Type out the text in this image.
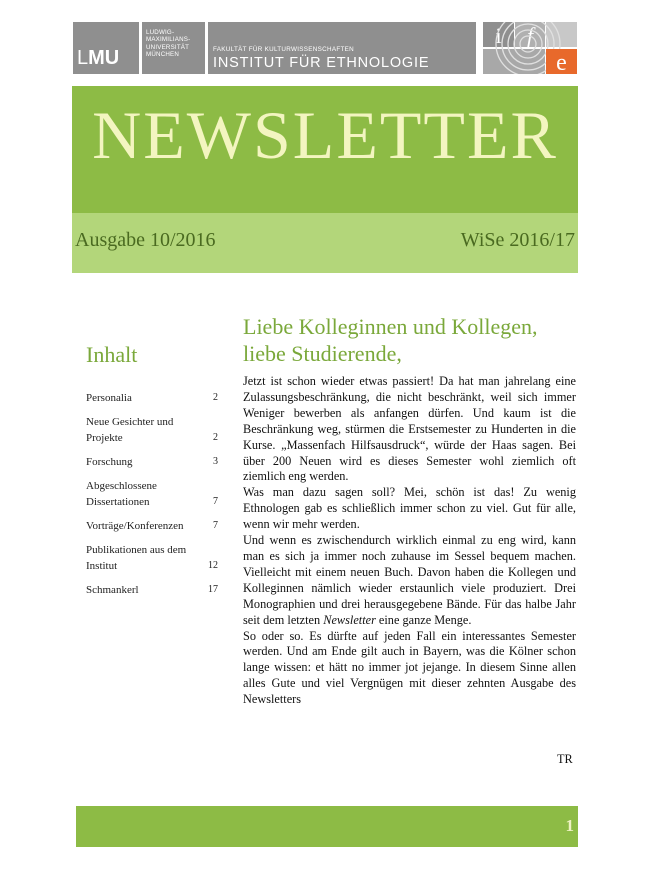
LMU
LUDWIG-
MAXIMILIANS-
UNIVERSITÄT
MÜNCHEN
FAKULTÄT FÜR KULTURWISSENSCHAFTEN
INSTITUT FÜR ETHNOLOGIE
i f
e
NEWSLETTER
Ausgabe 10/2016	WiSe 2016/17
Inhalt
Personalia	2
Neue Gesichter und Projekte	2
Forschung	3
Abgeschlossene Dissertationen	7
Vorträge/Konferenzen	7
Publikationen aus dem Institut	12
Schmankerl	17
Liebe Kolleginnen und Kollegen,
liebe Studierende,

Jetzt ist schon wieder etwas passiert! Da hat man jahrelang eine Zulassungsbeschränkung, die nicht beschränkt, weil sich immer Weniger bewerben als anfangen dürfen. Und kaum ist die Beschränkung weg, stürmen die Erstsemester zu Hunderten in die Kurse. „Massenfach Hilfsausdruck“, würde der Haas sagen. Bei über 200 Neuen wird es dieses Semester wohl ziemlich oft ziemlich eng werden.

Was man dazu sagen soll? Mei, schön ist das! Zu wenig Ethnologen gab es schließlich immer schon zu viel. Gut für alle, wenn wir mehr werden.

Und wenn es zwischendurch wirklich einmal zu eng wird, kann man es sich ja immer noch zuhause im Sessel bequem machen. Vielleicht mit einem neuen Buch. Davon haben die Kollegen und Kolleginnen nämlich wieder erstaunlich viele produziert. Drei Monographien und drei herausgegebene Bände. Für das halbe Jahr seit dem letzten Newsletter eine ganze Menge.

So oder so. Es dürfte auf jeden Fall ein interessantes Semester werden. Und am Ende gilt auch in Bayern, was die Kölner schon lange wissen: et hätt no immer jot jejange. In diesem Sinne allen alles Gute und viel Vergnügen mit dieser zehnten Ausgabe des Newsletters

TR
1
